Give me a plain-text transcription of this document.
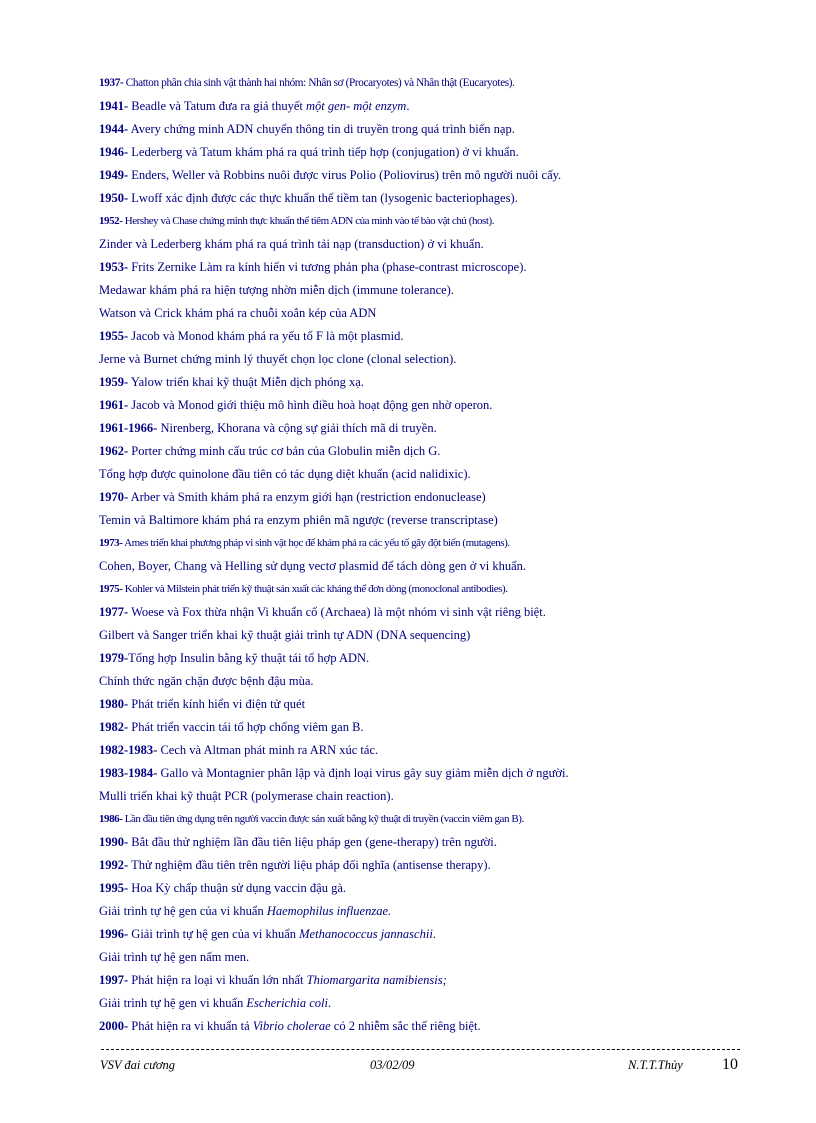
1937- Chatton phân chia sinh vật thành hai nhóm: Nhân sơ (Procaryotes) và Nhân thật (Eucaryotes).
1941- Beadle và Tatum đưa ra giả thuyết một gen- một enzym.
1944- Avery chứng minh ADN chuyển thông tin di truyền trong quá trình biến nạp.
1946- Lederberg và Tatum khám phá ra quá trình tiếp hợp (conjugation) ở vi khuẩn.
1949- Enders, Weller và Robbins nuôi được virus Polio (Poliovirus) trên mô người nuôi cấy.
1950- Lwoff xác định được các thực khuẩn thể tiềm tan (lysogenic bacteriophages).
1952- Hershey và Chase chứng minh thực khuẩn thể tiêm ADN của mình vào tế bào vật chủ (host).
Zinder và Lederberg khám phá ra quá trình tải nạp (transduction) ở vi khuẩn.
1953- Frits Zernike Làm ra kính hiển vi tương phản pha (phase-contrast microscope).
Medawar khám phá ra hiện tượng nhờn miễn dịch (immune tolerance).
Watson và Crick khám phá ra chuỗi xoắn kép của ADN
1955- Jacob và Monod khám phá ra yếu tố F là một plasmid.
Jerne và Burnet chứng minh lý thuyết chọn lọc clone (clonal selection).
1959- Yalow triển khai kỹ thuật Miễn dịch phóng xạ.
1961- Jacob và Monod giới thiệu mô hình điều hoà hoạt động gen nhờ operon.
1961-1966- Nirenberg, Khorana và cộng sự giải thích mã di truyền.
1962- Porter chứng minh cấu trúc cơ bản của Globulin miễn dịch G.
Tổng hợp được quinolone đầu tiên có tác dụng diệt khuẩn (acid nalidixic).
1970- Arber và Smith khám phá ra enzym giới hạn (restriction endonuclease)
Temin và Baltimore khám phá ra enzym phiên mã ngược (reverse transcriptase)
1973- Ames triển khai phương pháp vi sinh vật học để khám phá ra các yếu tố gây đột biến (mutagens).
Cohen, Boyer, Chang và Helling sử dụng vectơ plasmid để tách dòng gen ở vi khuẩn.
1975- Kohler và Milstein phát triển kỹ thuật sản xuất các kháng thể đơn dòng (monoclonal antibodies).
1977- Woese và Fox thừa nhận Vi khuẩn cổ (Archaea) là một nhóm vi sinh vật riêng biệt.
Gilbert và Sanger triển khai kỹ thuật giải trình tự ADN (DNA sequencing)
1979-Tổng hợp Insulin bằng kỹ thuật tái tổ hợp ADN.
Chính thức ngăn chặn được bệnh đậu mùa.
1980- Phát triển kính hiển vi điện tử quét
1982- Phát triển vaccin tái tổ hợp chống viêm gan B.
1982-1983- Cech và Altman phát minh ra ARN xúc tác.
1983-1984- Gallo và Montagnier phân lập và định loại virus gây suy giảm miễn dịch ở người.
Mulli triển khai kỹ thuật PCR (polymerase chain reaction).
1986- Lần đầu tiên ứng dụng trên người vaccin được sản xuất bằng kỹ thuật di truyền (vaccin viêm gan B).
1990- Bắt đầu thử nghiệm lần đầu tiên liệu pháp gen (gene-therapy) trên người.
1992- Thử nghiệm đầu tiên trên người liệu pháp đối nghĩa (antisense therapy).
1995- Hoa Kỳ chấp thuận sử dụng vaccin đậu gà.
Giải trình tự hệ gen của vi khuẩn Haemophilus influenzae.
1996- Giải trình tự hệ gen của vi khuẩn Methanococcus jannaschii.
Giải trình tự hệ gen nấm men.
1997- Phát hiện ra loại vi khuẩn lớn nhất Thiomargarita namibiensis;
Giải trình tự hệ gen vi khuẩn Escherichia coli.
2000- Phát hiện ra vi khuẩn tả Vibrio cholerae có 2 nhiễm sắc thể riêng biệt.
VSV đai cương	03/02/09	N.T.T.Thủy 10
